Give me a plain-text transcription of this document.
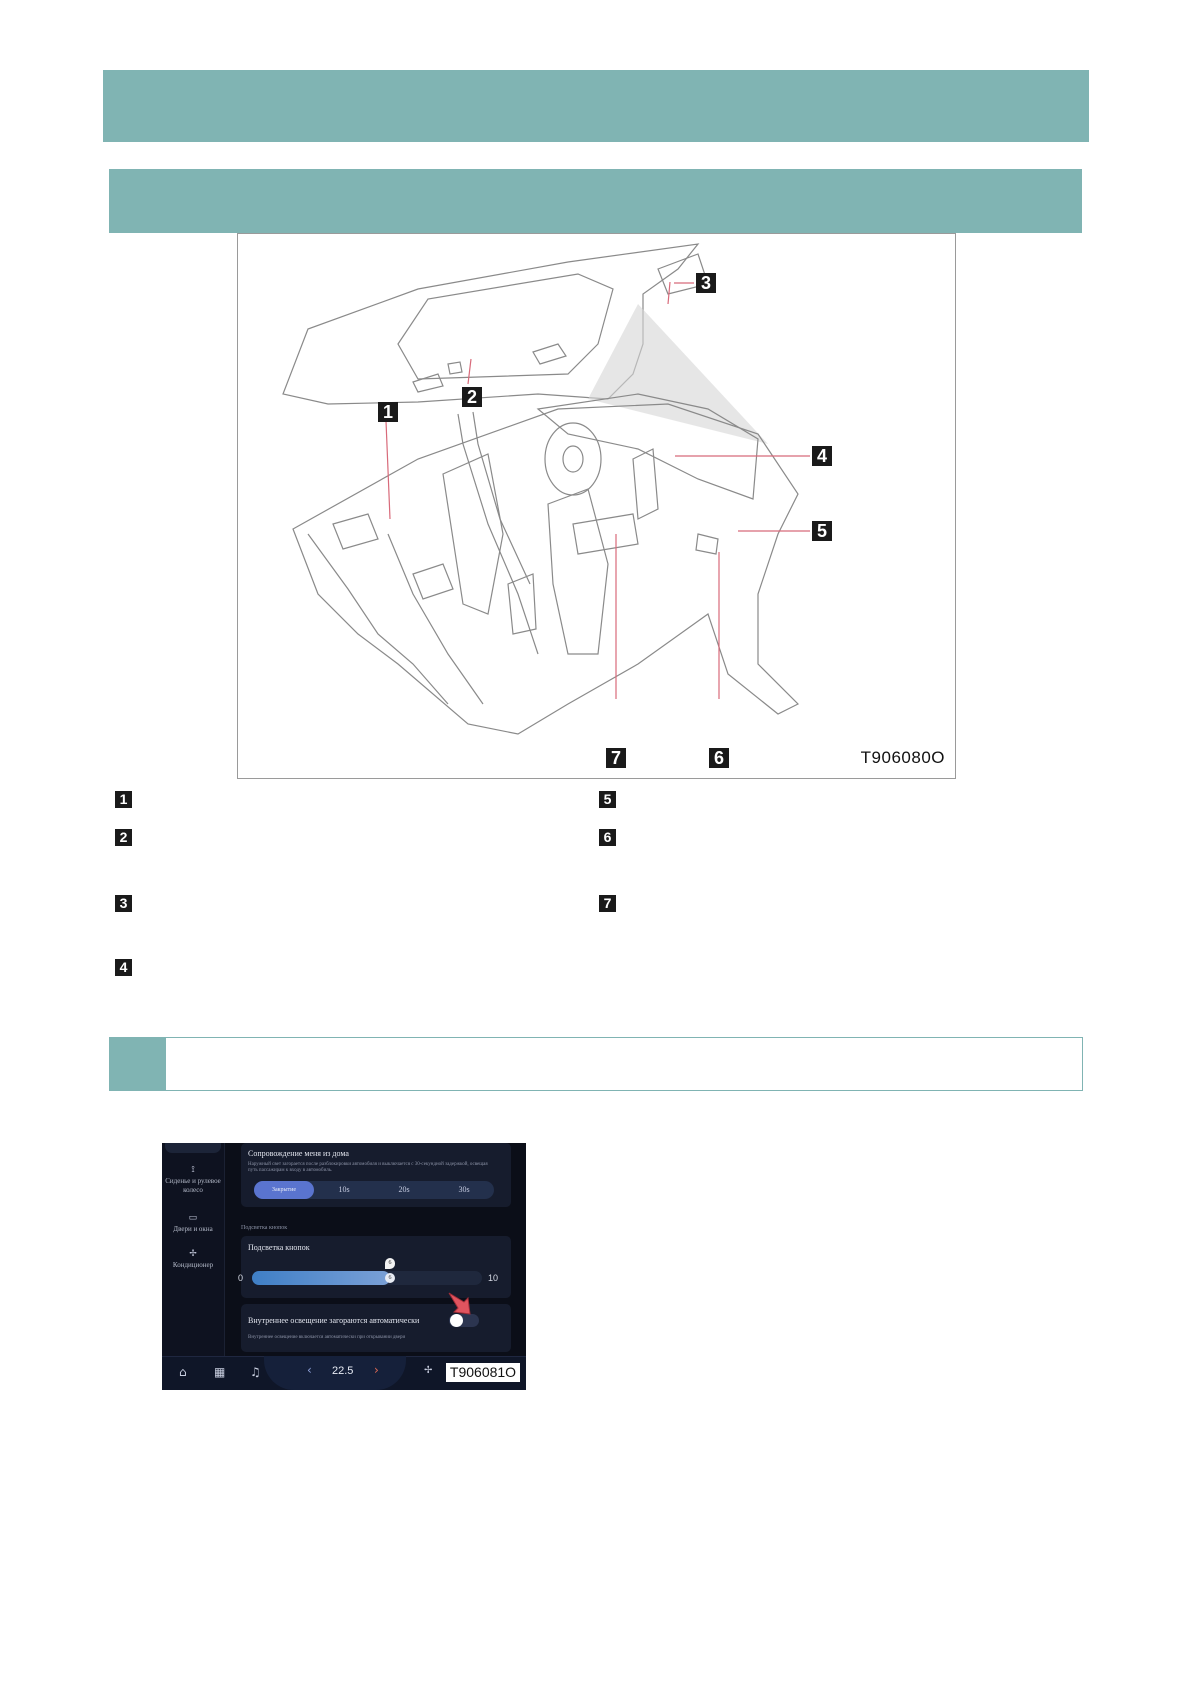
1
2
3
4
5
6
7	T906080O
1
2
3
4
5
6
7
⟟
Сиденье и рулевое колесо
▭
Двери и окна
✢
Кондиционер
Сопровождение меня из дома
Наружный свет загорается после разблокировки автомобиля и выключается с 30-секундной задержкой, освещая путь пассажирам к входу в автомобиль.
Закрытие	10s	20s	30s
Подсветка кнопок
Подсветка кнопок
0	6
6
10
Внутреннее освещение загораются автоматически
Внутреннее освещение включается автоматически при открывании двери
⌂ ▦ ♫	‹ 22.5 ›	✢ T906081O
